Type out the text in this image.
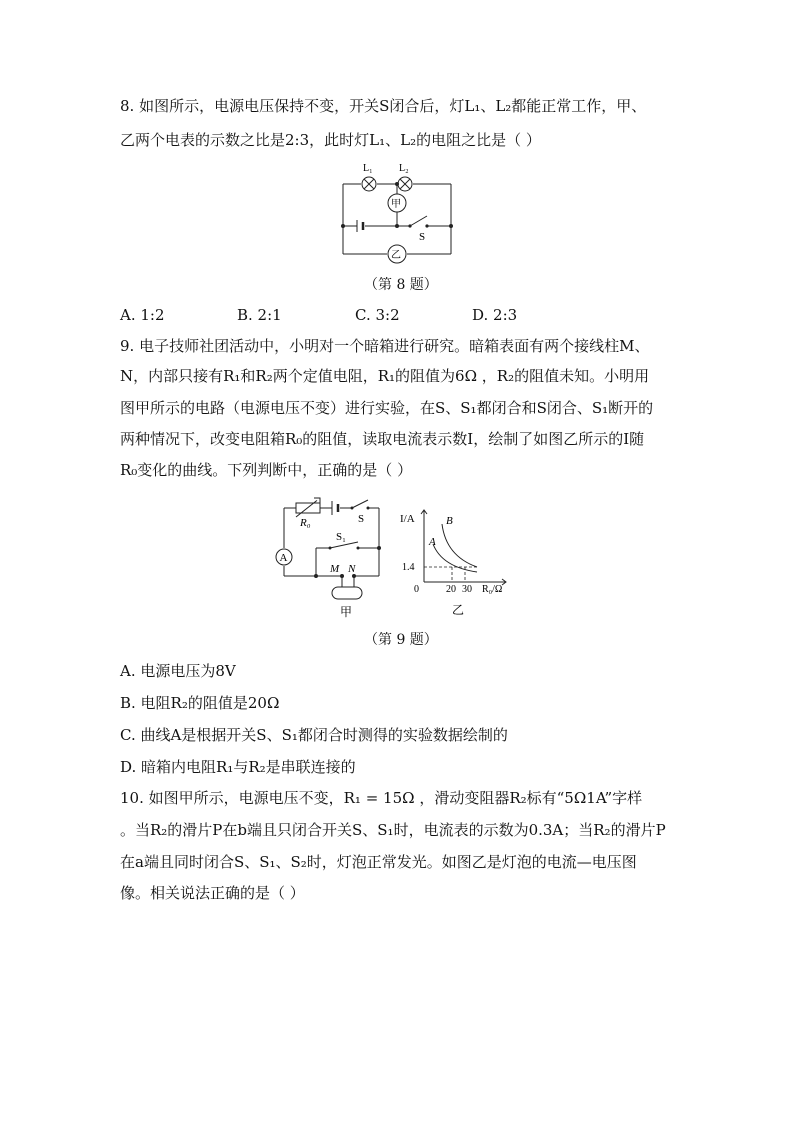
8. 如图所示，电源电压保持不变，开关S闭合后，灯L₁、L₂都能正常工作，甲、
乙两个电表的示数之比是2:3，此时灯L₁、L₂的电阻之比是（ ）
L₁	L₂
甲
乙
S
（第 8 题）
A. 1:2	B. 2:1	C. 3:2	D. 2:3
9. 电子技师社团活动中，小明对一个暗箱进行研究。暗箱表面有两个接线柱M、
N，内部只接有R₁和R₂两个定值电阻，R₁的阻值为6Ω ，R₂的阻值未知。小明用
图甲所示的电路（电源电压不变）进行实验，在S、S₁都闭合和S闭合、S₁断开的
两种情况下，改变电阻箱R₀的阻值，读取电流表示数I，绘制了如图乙所示的I随
R₀变化的曲线。下列判断中，正确的是（ ）
A
R₀	S
S₁
M N
甲
I/A	B
A
1.4
0	20 30 R₀/Ω
乙
（第 9 题）
A. 电源电压为8V
B. 电阻R₂的阻值是20Ω
C. 曲线A是根据开关S、S₁都闭合时测得的实验数据绘制的
D. 暗箱内电阻R₁与R₂是串联连接的
10. 如图甲所示，电源电压不变，R₁ = 15Ω ，滑动变阻器R₂标有“5Ω1A”字样
。当R₂的滑片P在b端且只闭合开关S、S₁时，电流表的示数为0.3A；当R₂的滑片P
在a端且同时闭合S、S₁、S₂时，灯泡正常发光。如图乙是灯泡的电流—电压图
像。相关说法正确的是（ ）
